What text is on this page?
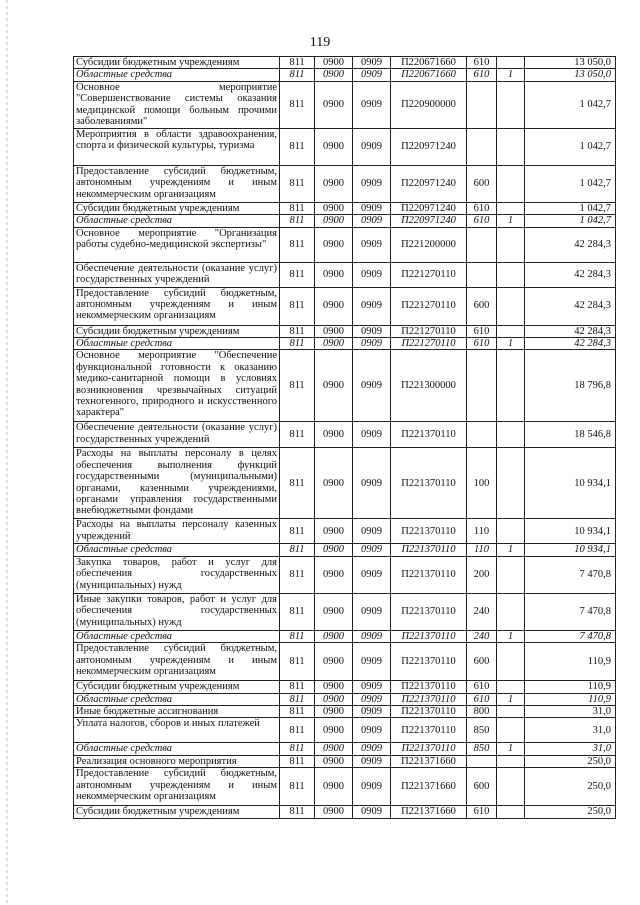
119
Субсидии бюджетным учреждениям	811	0900	0909	П220671660	610		13 050,0
Областные средства	811	0900	0909	П220671660	610	1	13 050,0
Основное мероприятие "Совершенствование системы оказания медицинской помощи больным прочими заболеваниями"	811	0900	0909	П220900000			1 042,7
Мероприятия в области здравоохранения, спорта и физической культуры, туризма	811	0900	0909	П220971240			1 042,7
Предоставление субсидий бюджетным, автономным учреждениям и иным некоммерческим организациям	811	0900	0909	П220971240	600		1 042,7
Субсидии бюджетным учреждениям	811	0900	0909	П220971240	610		1 042,7
Областные средства	811	0900	0909	П220971240	610	1	1 042,7
Основное мероприятие "Организация работы судебно-медицинской экспертизы"	811	0900	0909	П221200000			42 284,3
Обеспечение деятельности (оказание услуг) государственных учреждений	811	0900	0909	П221270110			42 284,3
Предоставление субсидий бюджетным, автономным учреждениям и иным некоммерческим организациям	811	0900	0909	П221270110	600		42 284,3
Субсидии бюджетным учреждениям	811	0900	0909	П221270110	610		42 284,3
Областные средства	811	0900	0909	П221270110	610	1	42 284,3
Основное мероприятие "Обеспечение функциональной готовности к оказанию медико-санитарной помощи в условиях возникновения чрезвычайных ситуаций техногенного, природного и искусственного характера"	811	0900	0909	П221300000			18 796,8
Обеспечение деятельности (оказание услуг) государственных учреждений	811	0900	0909	П221370110			18 546,8
Расходы на выплаты персоналу в целях обеспечения выполнения функций государственными (муниципальными) органами, казенными учреждениями, органами управления государственными внебюджетными фондами	811	0900	0909	П221370110	100		10 934,1
Расходы на выплаты персоналу казенных учреждений	811	0900	0909	П221370110	110		10 934,1
Областные средства	811	0900	0909	П221370110	110	1	10 934,1
Закупка товаров, работ и услуг для обеспечения государственных (муниципальных) нужд	811	0900	0909	П221370110	200		7 470,8
Иные закупки товаров, работ и услуг для обеспечения государственных (муниципальных) нужд	811	0900	0909	П221370110	240		7 470,8
Областные средства	811	0900	0909	П221370110	240	1	7 470,8
Предоставление субсидий бюджетным, автономным учреждениям и иным некоммерческим организациям	811	0900	0909	П221370110	600		110,9
Субсидии бюджетным учреждениям	811	0900	0909	П221370110	610		110,9
Областные средства	811	0900	0909	П221370110	610	1	110,9
Иные бюджетные ассигнования	811	0900	0909	П221370110	800		31,0
Уплата налогов, сборов и иных платежей	811	0900	0909	П221370110	850		31,0
Областные средства	811	0900	0909	П221370110	850	1	31,0
Реализация основного мероприятия	811	0900	0909	П221371660			250,0
Предоставление субсидий бюджетным, автономным учреждениям и иным некоммерческим организациям	811	0900	0909	П221371660	600		250,0
Субсидии бюджетным учреждениям	811	0900	0909	П221371660	610		250,0
